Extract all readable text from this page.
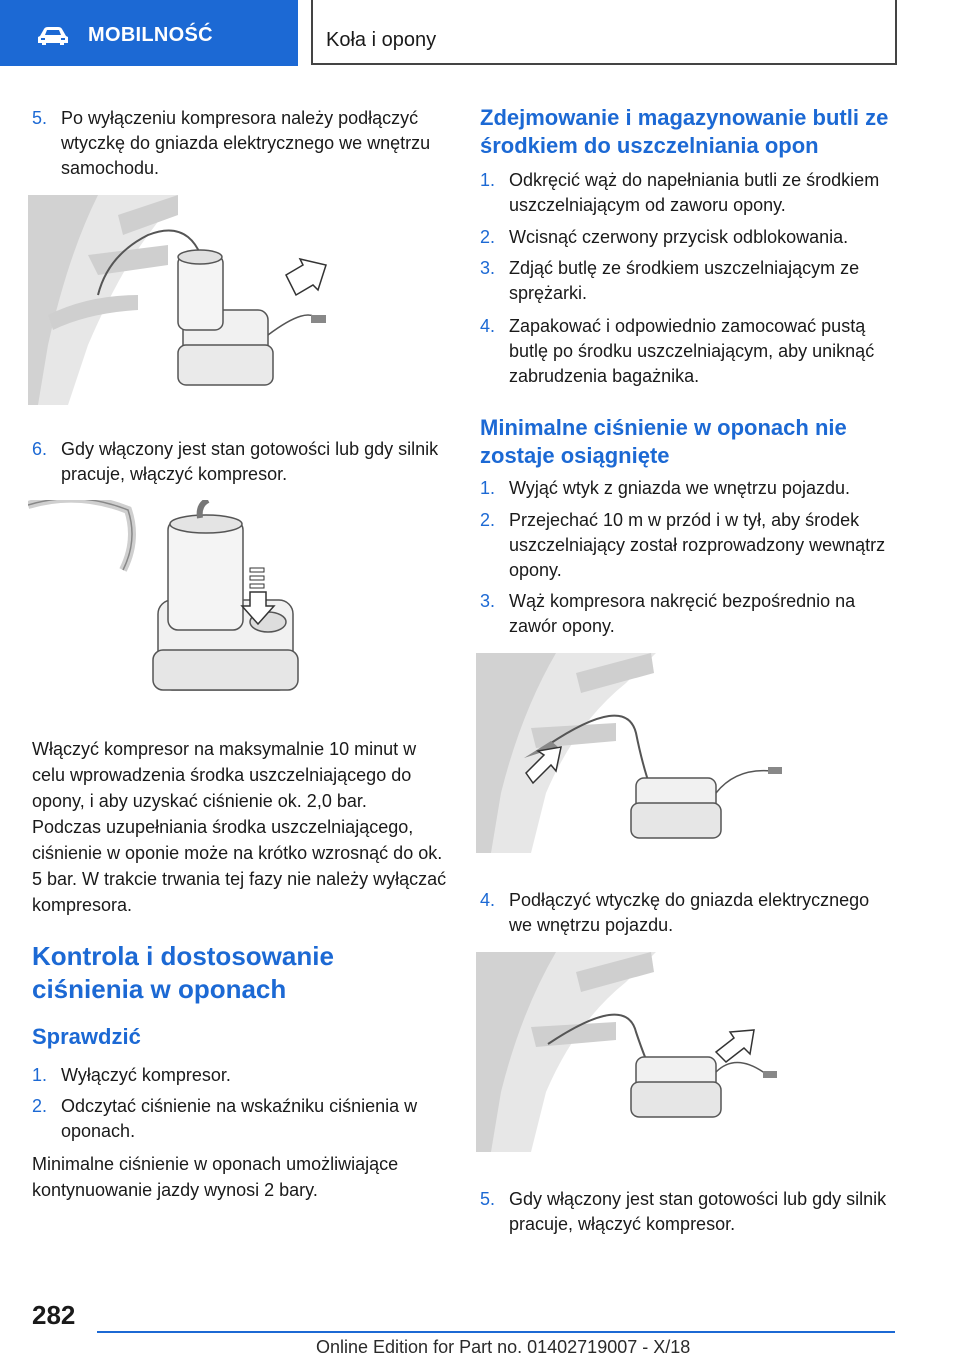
MOBILNOŚĆ	Koła i opony
5. Po wyłączeniu kompresora należy podłączyć wtyczkę do gniazda elektrycznego we wnętrzu samochodu.
6. Gdy włączony jest stan gotowości lub gdy silnik pracuje, włączyć kompresor.
Włączyć kompresor na maksymalnie 10 minut w celu wprowadzenia środka uszczelniającego do opony, i aby uzyskać ciśnienie ok. 2,0 bar.
Podczas uzupełniania środka uszczelniającego, ciśnienie w oponie może na krótko wzrosnąć do ok. 5 bar. W trakcie trwania tej fazy nie należy wyłączać kompresora.
Kontrola i dostosowanie ciśnienia w oponach
Sprawdzić
1. Wyłączyć kompresor.
2. Odczytać ciśnienie na wskaźniku ciśnienia w oponach.
Minimalne ciśnienie w oponach umożliwiające kontynuowanie jazdy wynosi 2 bary.
Zdejmowanie i magazynowanie butli ze środkiem do uszczelniania opon
1. Odkręcić wąż do napełniania butli ze środkiem uszczelniającym od zaworu opony.
2. Wcisnąć czerwony przycisk odblokowania.
3. Zdjąć butlę ze środkiem uszczelniającym ze sprężarki.
4. Zapakować i odpowiednio zamocować pustą butlę po środku uszczelniającym, aby uniknąć zabrudzenia bagażnika.
Minimalne ciśnienie w oponach nie zostaje osiągnięte
1. Wyjąć wtyk z gniazda we wnętrzu pojazdu.
2. Przejechać 10 m w przód i w tył, aby środek uszczelniający został rozprowadzony wewnątrz opony.
3. Wąż kompresora nakręcić bezpośrednio na zawór opony.
4. Podłączyć wtyczkę do gniazda elektrycznego we wnętrzu pojazdu.
5. Gdy włączony jest stan gotowości lub gdy silnik pracuje, włączyć kompresor.
282
Online Edition for Part no. 01402719007 - X/18
